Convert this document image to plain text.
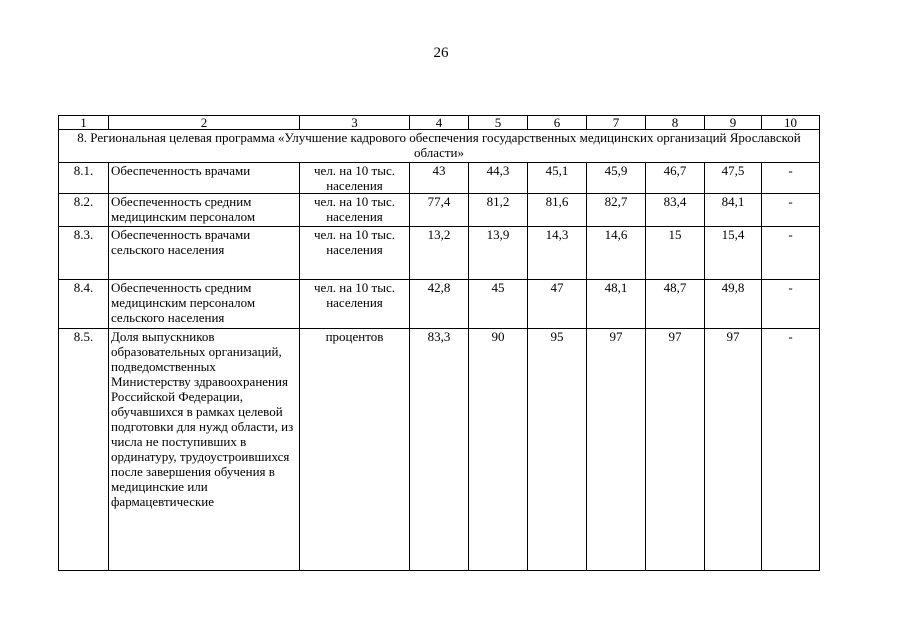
26
1	2	3	4	5	6	7	8	9	10
8. Региональная целевая программа «Улучшение кадрового обеспечения государственных медицинских организаций Ярославской области»									
8.1.	Обеспеченность врачами	чел. на 10 тыс. населения	43	44,3	45,1	45,9	46,7	47,5	-
8.2.	Обеспеченность средним медицинским персоналом	чел. на 10 тыс. населения	77,4	81,2	81,6	82,7	83,4	84,1	-
8.3.	Обеспеченность врачами сельского населения	чел. на 10 тыс. населения	13,2	13,9	14,3	14,6	15	15,4	-
8.4.	Обеспеченность средним медицинским персоналом сельского населения	чел. на 10 тыс. населения	42,8	45	47	48,1	48,7	49,8	-
8.5.	Доля выпускников образовательных организаций, подведомственных Министерству здравоохранения Российской Федерации, обучавшихся в рамках целевой подготовки для нужд области, из числа не поступивших в ординатуру, трудоустроившихся после завершения обучения в медицинские или фармацевтические	процентов	83,3	90	95	97	97	97	-
